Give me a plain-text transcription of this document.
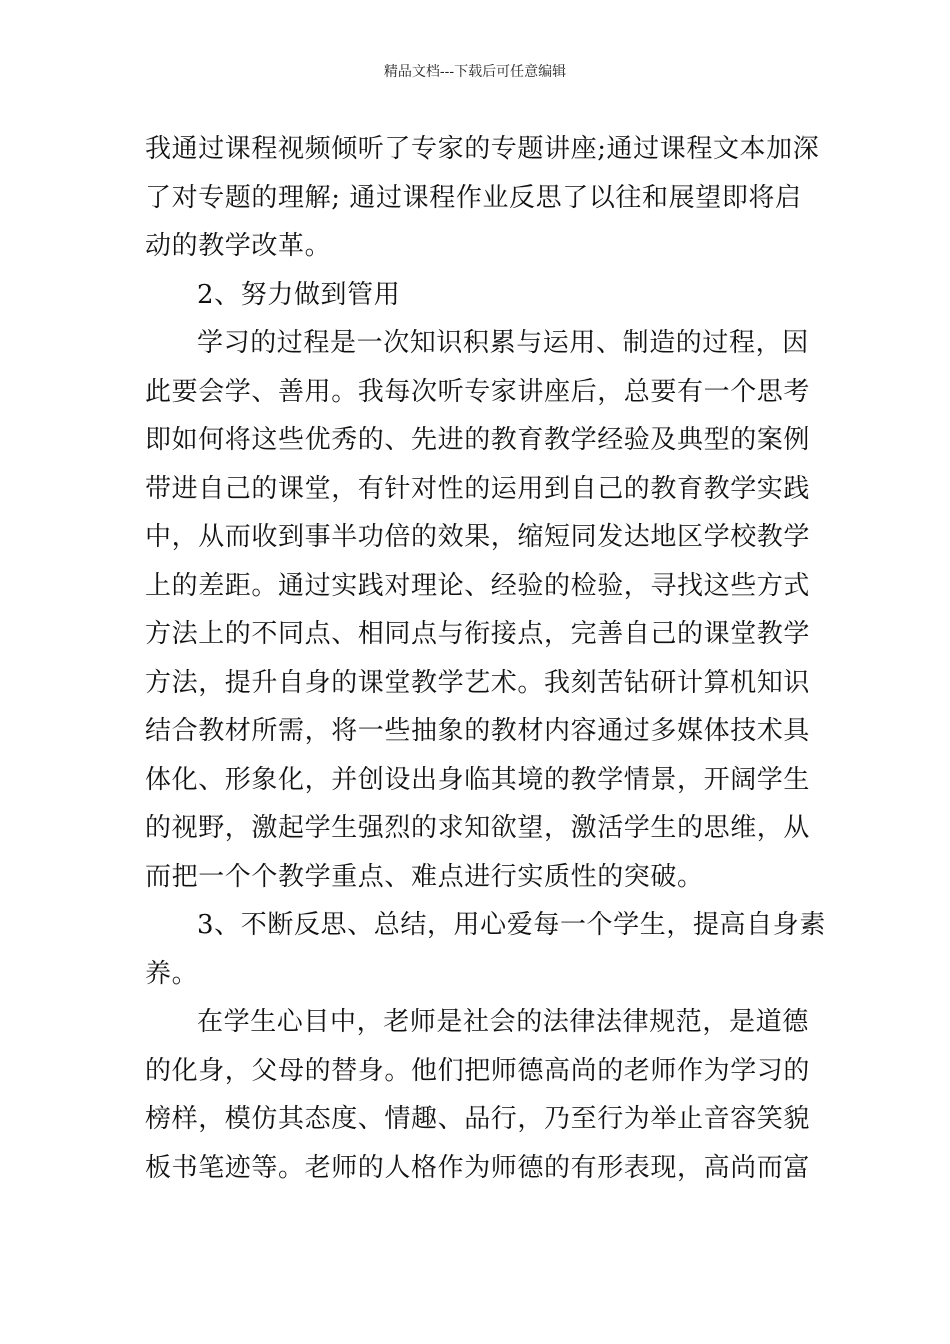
精品文档---下载后可任意编辑
我通过课程视频倾听了专家的专题讲座;通过课程文本加深
了对专题的理解; 通过课程作业反思了以往和展望即将启
动的教学改革。
2、努力做到管用
学习的过程是一次知识积累与运用、制造的过程，因
此要会学、善用。我每次听专家讲座后，总要有一个思考
即如何将这些优秀的、先进的教育教学经验及典型的案例
带进自己的课堂，有针对性的运用到自己的教育教学实践
中，从而收到事半功倍的效果，缩短同发达地区学校教学
上的差距。通过实践对理论、经验的检验，寻找这些方式
方法上的不同点、相同点与衔接点，完善自己的课堂教学
方法，提升自身的课堂教学艺术。我刻苦钻研计算机知识
结合教材所需，将一些抽象的教材内容通过多媒体技术具
体化、形象化，并创设出身临其境的教学情景，开阔学生
的视野，激起学生强烈的求知欲望，激活学生的思维，从
而把一个个教学重点、难点进行实质性的突破。
3、不断反思、总结，用心爱每一个学生，提高自身素
养。
在学生心目中，老师是社会的法律法律规范，是道德
的化身，父母的替身。他们把师德高尚的老师作为学习的
榜样，模仿其态度、情趣、品行，乃至行为举止音容笑貌
板书笔迹等。老师的人格作为师德的有形表现，高尚而富
